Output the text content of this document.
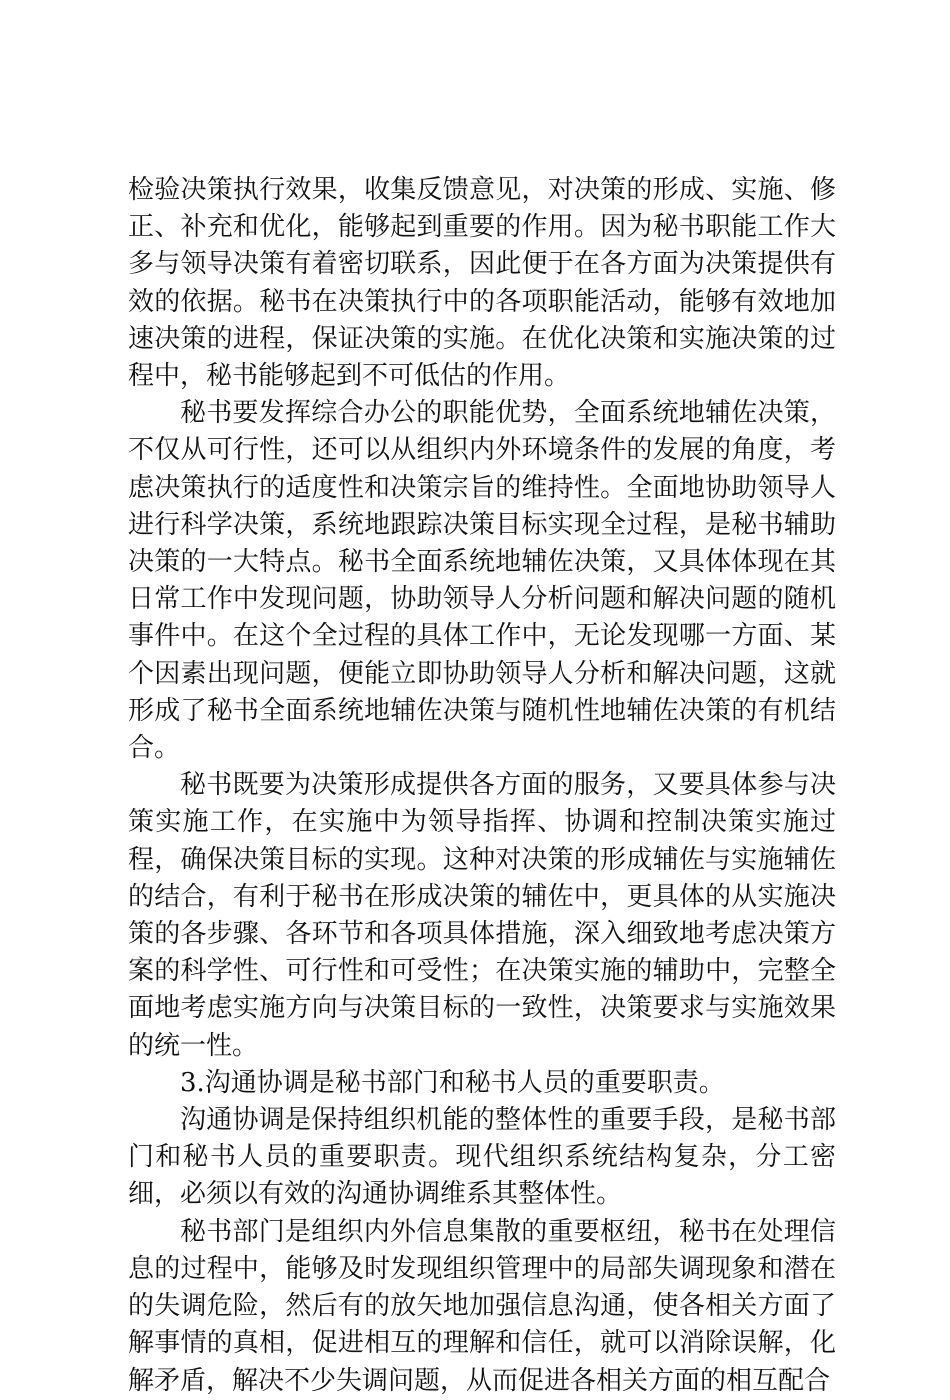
检验决策执行效果，收集反馈意见，对决策的形成、实施、修正、补充和优化，能够起到重要的作用。因为秘书职能工作大多与领导决策有着密切联系，因此便于在各方面为决策提供有效的依据。秘书在决策执行中的各项职能活动，能够有效地加速决策的进程，保证决策的实施。在优化决策和实施决策的过程中，秘书能够起到不可低估的作用。

秘书要发挥综合办公的职能优势，全面系统地辅佐决策，不仅从可行性，还可以从组织内外环境条件的发展的角度，考虑决策执行的适度性和决策宗旨的维持性。全面地协助领导人进行科学决策，系统地跟踪决策目标实现全过程，是秘书辅助决策的一大特点。秘书全面系统地辅佐决策，又具体体现在其日常工作中发现问题，协助领导人分析问题和解决问题的随机事件中。在这个全过程的具体工作中，无论发现哪一方面、某个因素出现问题，便能立即协助领导人分析和解决问题，这就形成了秘书全面系统地辅佐决策与随机性地辅佐决策的有机结合。

秘书既要为决策形成提供各方面的服务，又要具体参与决策实施工作，在实施中为领导指挥、协调和控制决策实施过程，确保决策目标的实现。这种对决策的形成辅佐与实施辅佐的结合，有利于秘书在形成决策的辅佐中，更具体的从实施决策的各步骤、各环节和各项具体措施，深入细致地考虑决策方案的科学性、可行性和可受性；在决策实施的辅助中，完整全面地考虑实施方向与决策目标的一致性，决策要求与实施效果的统一性。

3.沟通协调是秘书部门和秘书人员的重要职责。

沟通协调是保持组织机能的整体性的重要手段，是秘书部门和秘书人员的重要职责。现代组织系统结构复杂，分工密细，必须以有效的沟通协调维系其整体性。

秘书部门是组织内外信息集散的重要枢纽，秘书在处理信息的过程中，能够及时发现组织管理中的局部失调现象和潜在的失调危险，然后有的放矢地加强信息沟通，使各相关方面了解事情的真相，促进相互的理解和信任，就可以消除误解，化解矛盾，解决不少失调问题，从而促进各相关方面的相互配合
